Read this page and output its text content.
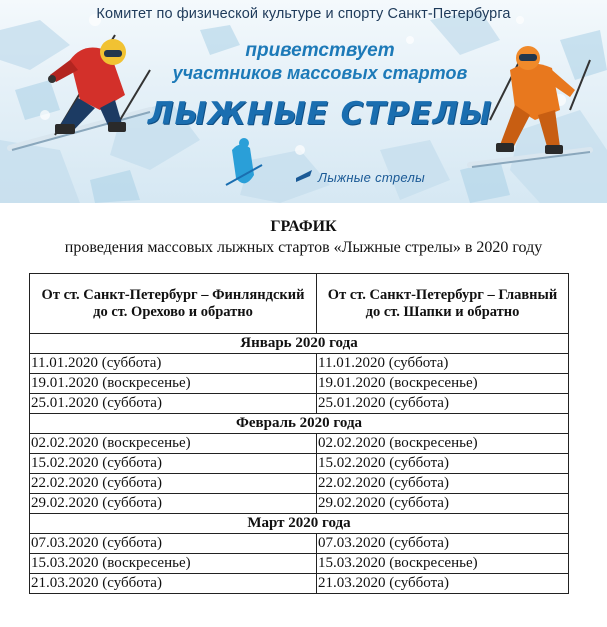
Комитет по физической культуре и спорту Санкт-Петербурга
приветствует
участников массовых стартов
ЛЫЖНЫЕ СТРЕЛЫ
Лыжные стрелы
ГРАФИК
проведения массовых лыжных стартов «Лыжные стрелы» в 2020 году
От ст. Санкт-Петербург – Финляндский до ст. Орехово и обратно	От ст. Санкт-Петербург – Главный до ст. Шапки и обратно
Январь 2020 года	
11.01.2020 (суббота)	11.01.2020 (суббота)
19.01.2020 (воскресенье)	19.01.2020 (воскресенье)
25.01.2020 (суббота)	25.01.2020 (суббота)
Февраль 2020 года	
02.02.2020 (воскресенье)	02.02.2020 (воскресенье)
15.02.2020 (суббота)	15.02.2020 (суббота)
22.02.2020 (суббота)	22.02.2020 (суббота)
29.02.2020 (суббота)	29.02.2020 (суббота)
Март 2020 года	
07.03.2020 (суббота)	07.03.2020 (суббота)
15.03.2020 (воскресенье)	15.03.2020 (воскресенье)
21.03.2020 (суббота)	21.03.2020 (суббота)
